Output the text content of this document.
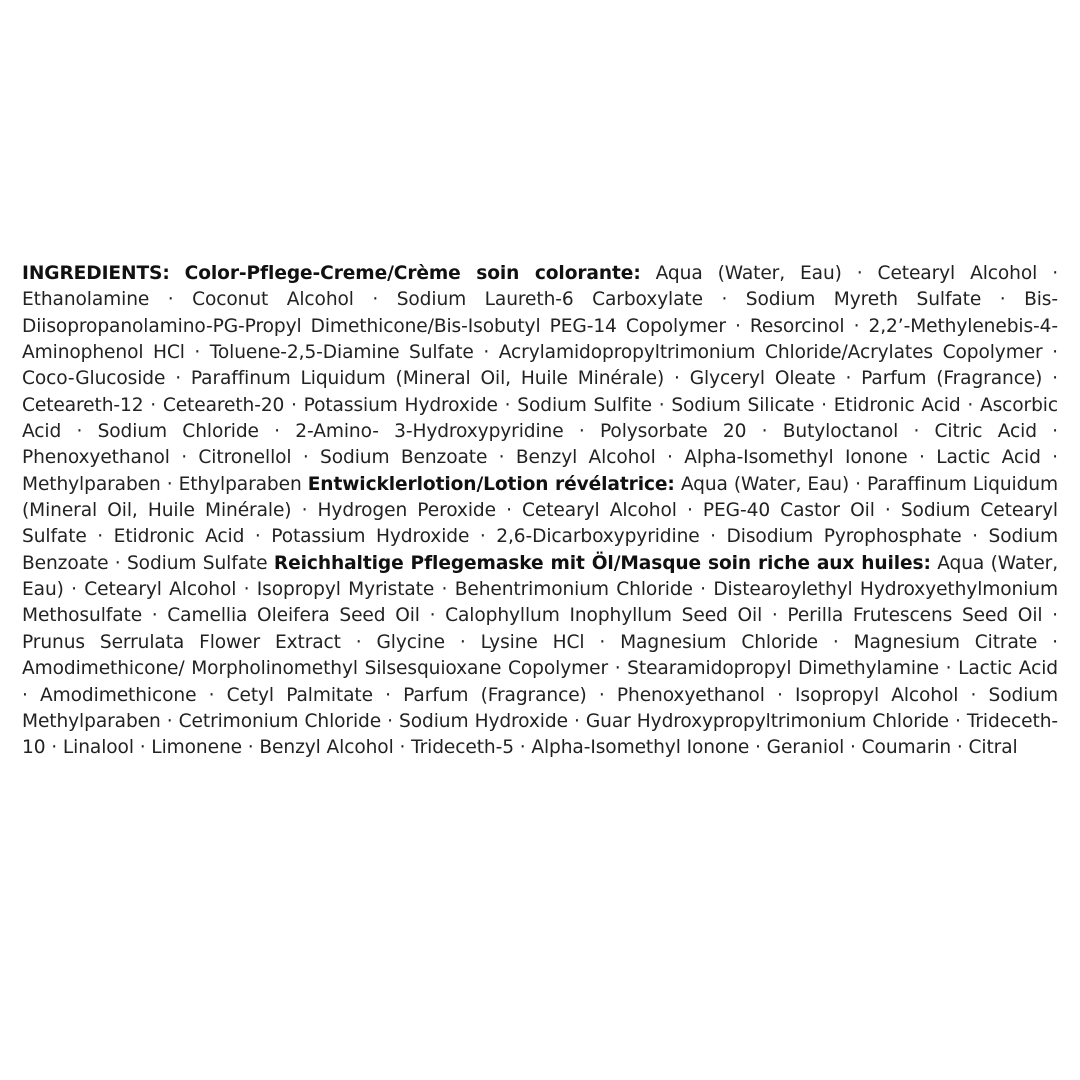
INGREDIENTS: Color-Pflege-Creme/Crème soin colorante: Aqua (Water, Eau) · Cetearyl Alcohol · Ethanolamine · Coconut Alcohol · Sodium Laureth-6 Carboxylate · Sodium Myreth Sulfate · Bis-Diisopropanolamino-PG-Propyl Dimethicone/Bis-Isobutyl PEG-14 Copolymer · Resorcinol · 2,2’-Methylenebis-4-Aminophenol HCl · Toluene-2,5-Diamine Sulfate · Acrylamidopropyltrimonium Chloride/Acrylates Copolymer · Coco-Glucoside · Paraffinum Liquidum (Mineral Oil, Huile Minérale) · Glyceryl Oleate · Parfum (Fragrance) · Ceteareth-12 · Ceteareth-20 · Potassium Hydroxide · Sodium Sulfite · Sodium Silicate · Etidronic Acid · Ascorbic Acid · Sodium Chloride · 2-Amino- 3-Hydroxypyridine · Polysorbate 20 · Butyloctanol · Citric Acid · Phenoxyethanol · Citronellol · Sodium Benzoate · Benzyl Alcohol · Alpha-Isomethyl Ionone · Lactic Acid · Methylparaben · Ethylparaben Entwicklerlotion/Lotion révélatrice: Aqua (Water, Eau) · Paraffinum Liquidum (Mineral Oil, Huile Minérale) · Hydrogen Peroxide · Cetearyl Alcohol · PEG-40 Castor Oil · Sodium Cetearyl Sulfate · Etidronic Acid · Potassium Hydroxide · 2,6-Dicarboxypyridine · Disodium Pyrophosphate · Sodium Benzoate · Sodium Sulfate Reichhaltige Pflegemaske mit Öl/Masque soin riche aux huiles: Aqua (Water, Eau) · Cetearyl Alcohol · Isopropyl Myristate · Behentrimonium Chloride · Distearoylethyl Hydroxyethylmonium Methosulfate · Camellia Oleifera Seed Oil · Calophyllum Inophyllum Seed Oil · Perilla Frutescens Seed Oil · Prunus Serrulata Flower Extract · Glycine · Lysine HCl · Magnesium Chloride · Magnesium Citrate · Amodimethicone/ Morpholinomethyl Silsesquioxane Copolymer · Stearamidopropyl Dimethylamine · Lactic Acid · Amodimethicone · Cetyl Palmitate · Parfum (Fragrance) · Phenoxyethanol · Isopropyl Alcohol · Sodium Methylparaben · Cetrimonium Chloride · Sodium Hydroxide · Guar Hydroxypropyltrimonium Chloride · Trideceth-10 · Linalool · Limonene · Benzyl Alcohol · Trideceth-5 · Alpha-Isomethyl Ionone · Geraniol · Coumarin · Citral
